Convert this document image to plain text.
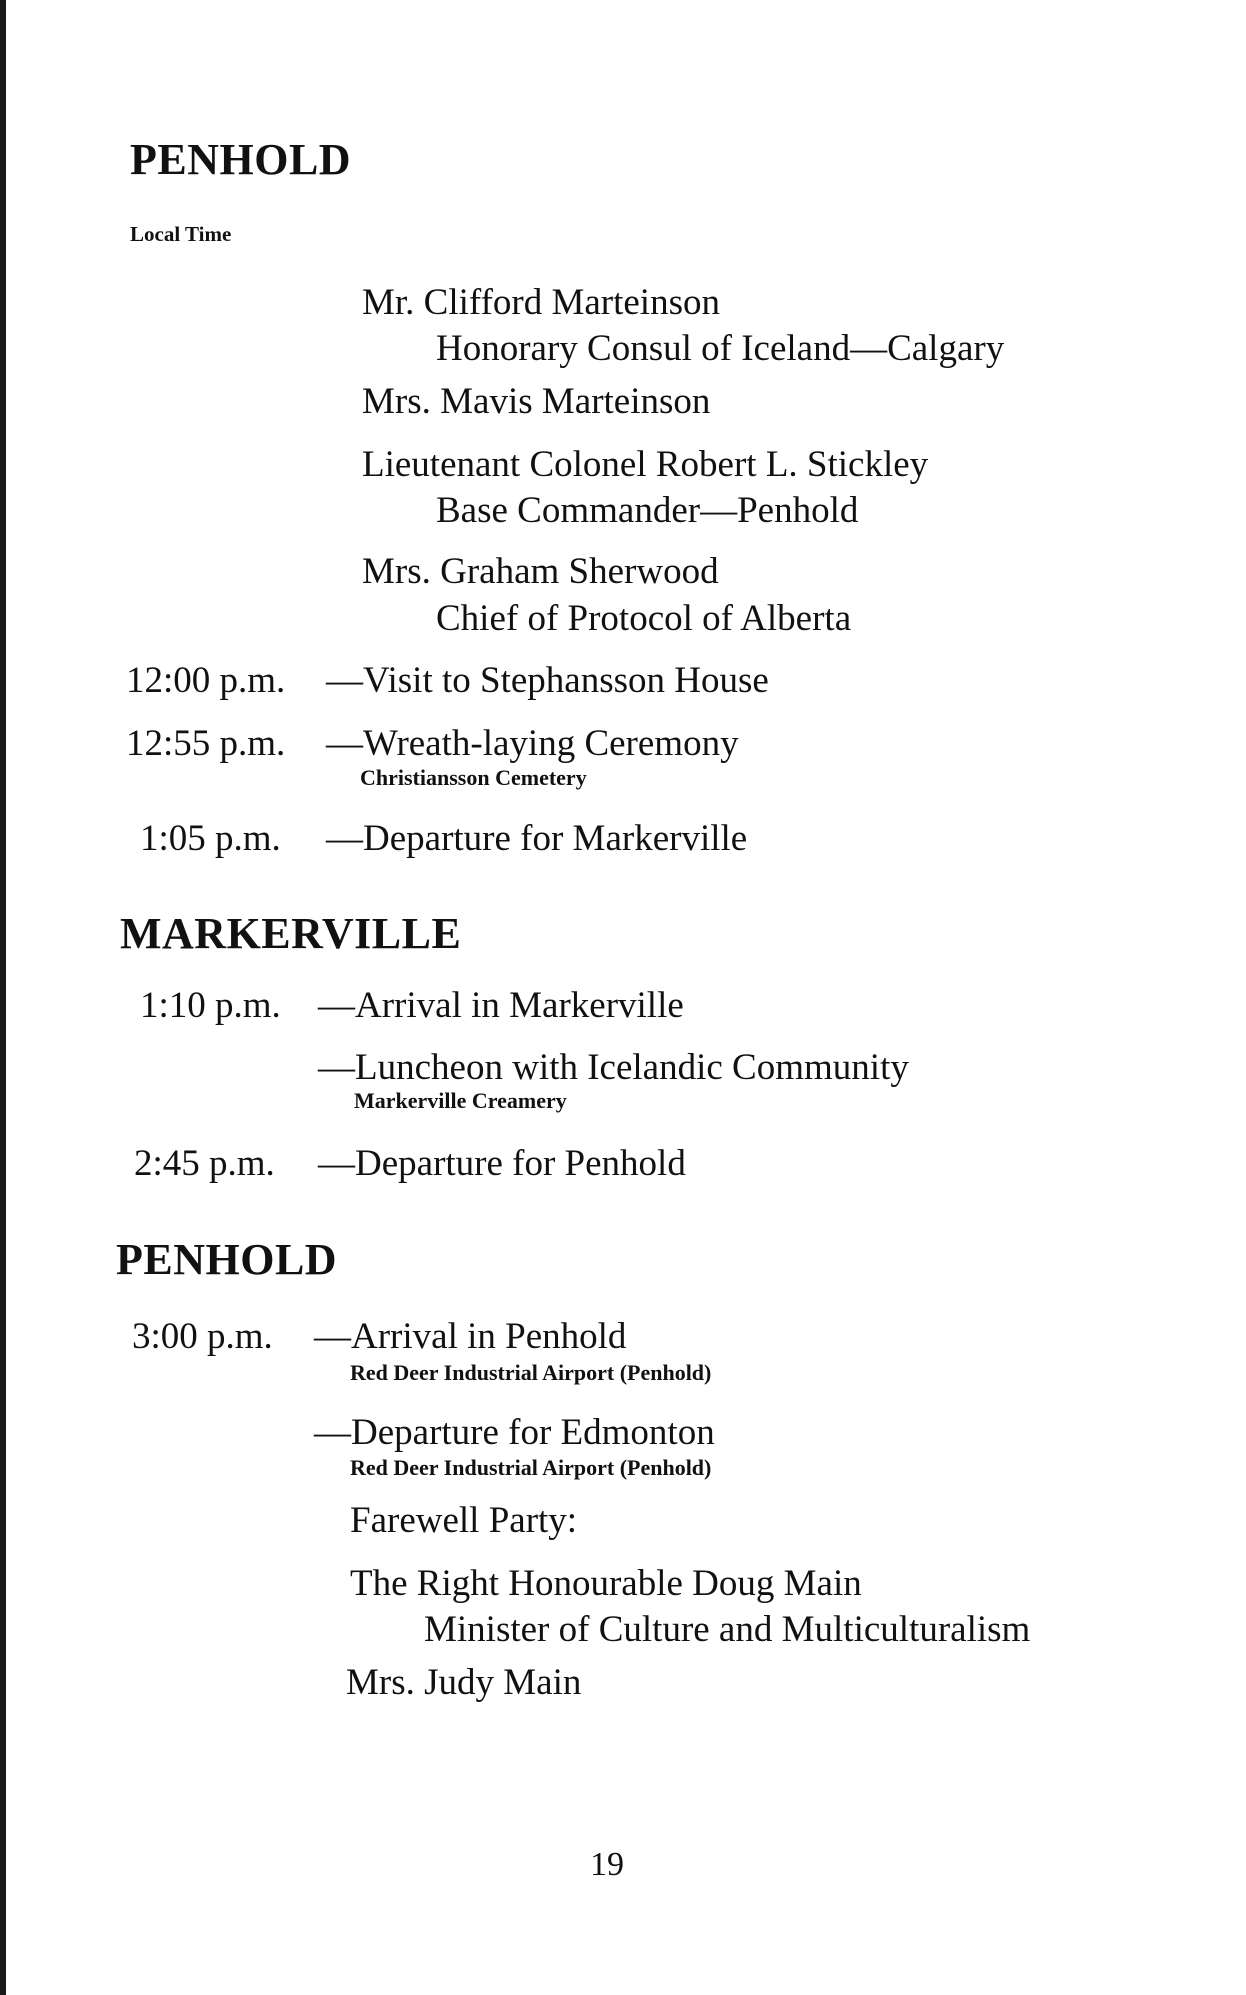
PENHOLD
Local Time
Mr. Clifford Marteinson
Honorary Consul of Iceland—Calgary
Mrs. Mavis Marteinson
Lieutenant Colonel Robert L. Stickley
Base Commander—Penhold
Mrs. Graham Sherwood
Chief of Protocol of Alberta
12:00 p.m. —Visit to Stephansson House
12:55 p.m. —Wreath-laying Ceremony
Christiansson Cemetery
1:05 p.m. —Departure for Markerville
MARKERVILLE
1:10 p.m. —Arrival in Markerville
—Luncheon with Icelandic Community
Markerville Creamery
2:45 p.m. —Departure for Penhold
PENHOLD
3:00 p.m. —Arrival in Penhold
Red Deer Industrial Airport (Penhold)
—Departure for Edmonton
Red Deer Industrial Airport (Penhold)
Farewell Party:
The Right Honourable Doug Main
Minister of Culture and Multiculturalism
Mrs. Judy Main
19
